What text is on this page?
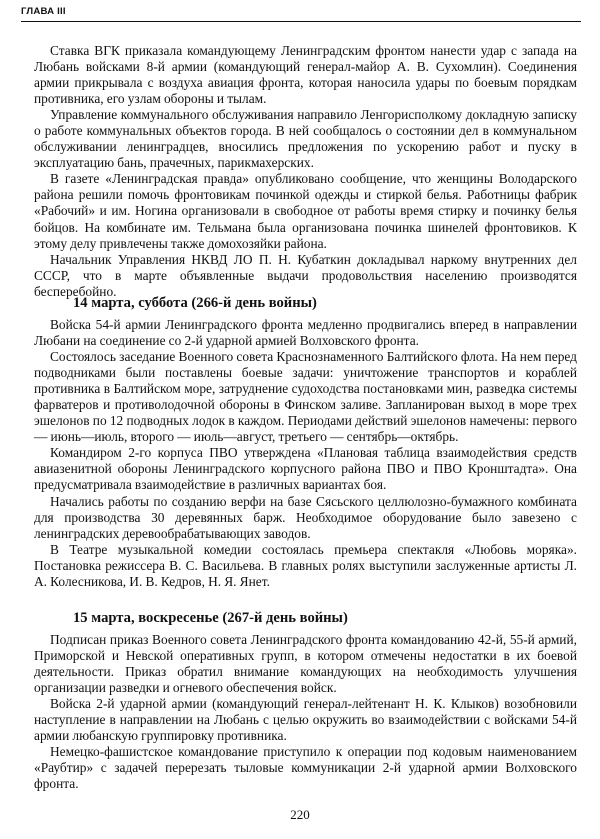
ГЛАВА III

Ставка ВГК приказала командующему Ленинградским фронтом нанести удар с запада на Любань войсками 8-й армии (командующий генерал-майор А. В. Сухомлин). Соединения армии прикрывала с воздуха авиация фронта, которая наносила удары по боевым порядкам противника, его узлам обороны и тылам.

Управление коммунального обслуживания направило Ленгорисполкому докладную записку о работе коммунальных объектов города. В ней сообщалось о состоянии дел в коммунальном обслуживании ленинградцев, вносились предложения по ускорению работ и пуску в эксплуатацию бань, прачечных, парикмахерских.

В газете «Ленинградская правда» опубликовано сообщение, что женщины Володарского района решили помочь фронтовикам починкой одежды и стиркой белья. Работницы фабрик «Рабочий» и им. Ногина организовали в свободное от работы время стирку и починку белья бойцов. На комбинате им. Тельмана была организована починка шинелей фронтовиков. К этому делу привлечены также домохозяйки района.

Начальник Управления НКВД ЛО П. Н. Кубаткин докладывал наркому внутренних дел СССР, что в марте объявленные выдачи продовольствия населению производятся бесперебойно.

14 марта, суббота (266-й день войны)

Войска 54-й армии Ленинградского фронта медленно продвигались вперед в направлении Любани на соединение со 2-й ударной армией Волховского фронта.

Состоялось заседание Военного совета Краснознаменного Балтийского флота. На нем перед подводниками были поставлены боевые задачи: уничтожение транспортов и кораблей противника в Балтийском море, затруднение судоходства постановками мин, разведка системы фарватеров и противолодочной обороны в Финском заливе. Запланирован выход в море трех эшелонов по 12 подводных лодок в каждом. Периодами действий эшелонов намечены: первого — июнь—июль, второго — июль—август, третьего — сентябрь—октябрь.

Командиром 2-го корпуса ПВО утверждена «Плановая таблица взаимодействия средств авиазенитной обороны Ленинградского корпусного района ПВО и ПВО Кронштадта». Она предусматривала взаимодействие в различных вариантах боя.

Начались работы по созданию верфи на базе Сясьского целлюлозно-бумажного комбината для производства 30 деревянных барж. Необходимое оборудование было завезено с ленинградских деревообрабатывающих заводов.

В Театре музыкальной комедии состоялась премьера спектакля «Любовь моряка». Постановка режиссера В. С. Васильева. В главных ролях выступили заслуженные артисты Л. А. Колесникова, И. В. Кедров, Н. Я. Янет.

15 марта, воскресенье (267-й день войны)

Подписан приказ Военного совета Ленинградского фронта командованию 42-й, 55-й армий, Приморской и Невской оперативных групп, в котором отмечены недостатки в их боевой деятельности. Приказ обратил внимание командующих на необходимость улучшения организации разведки и огневого обеспечения войск.

Войска 2-й ударной армии (командующий генерал-лейтенант Н. К. Клыков) возобновили наступление в направлении на Любань с целью окружить во взаимодействии с войсками 54-й армии любанскую группировку противника.

Немецко-фашистское командование приступило к операции под кодовым наименованием «Раубтир» с задачей перерезать тыловые коммуникации 2-й ударной армии Волховского фронта.

220
